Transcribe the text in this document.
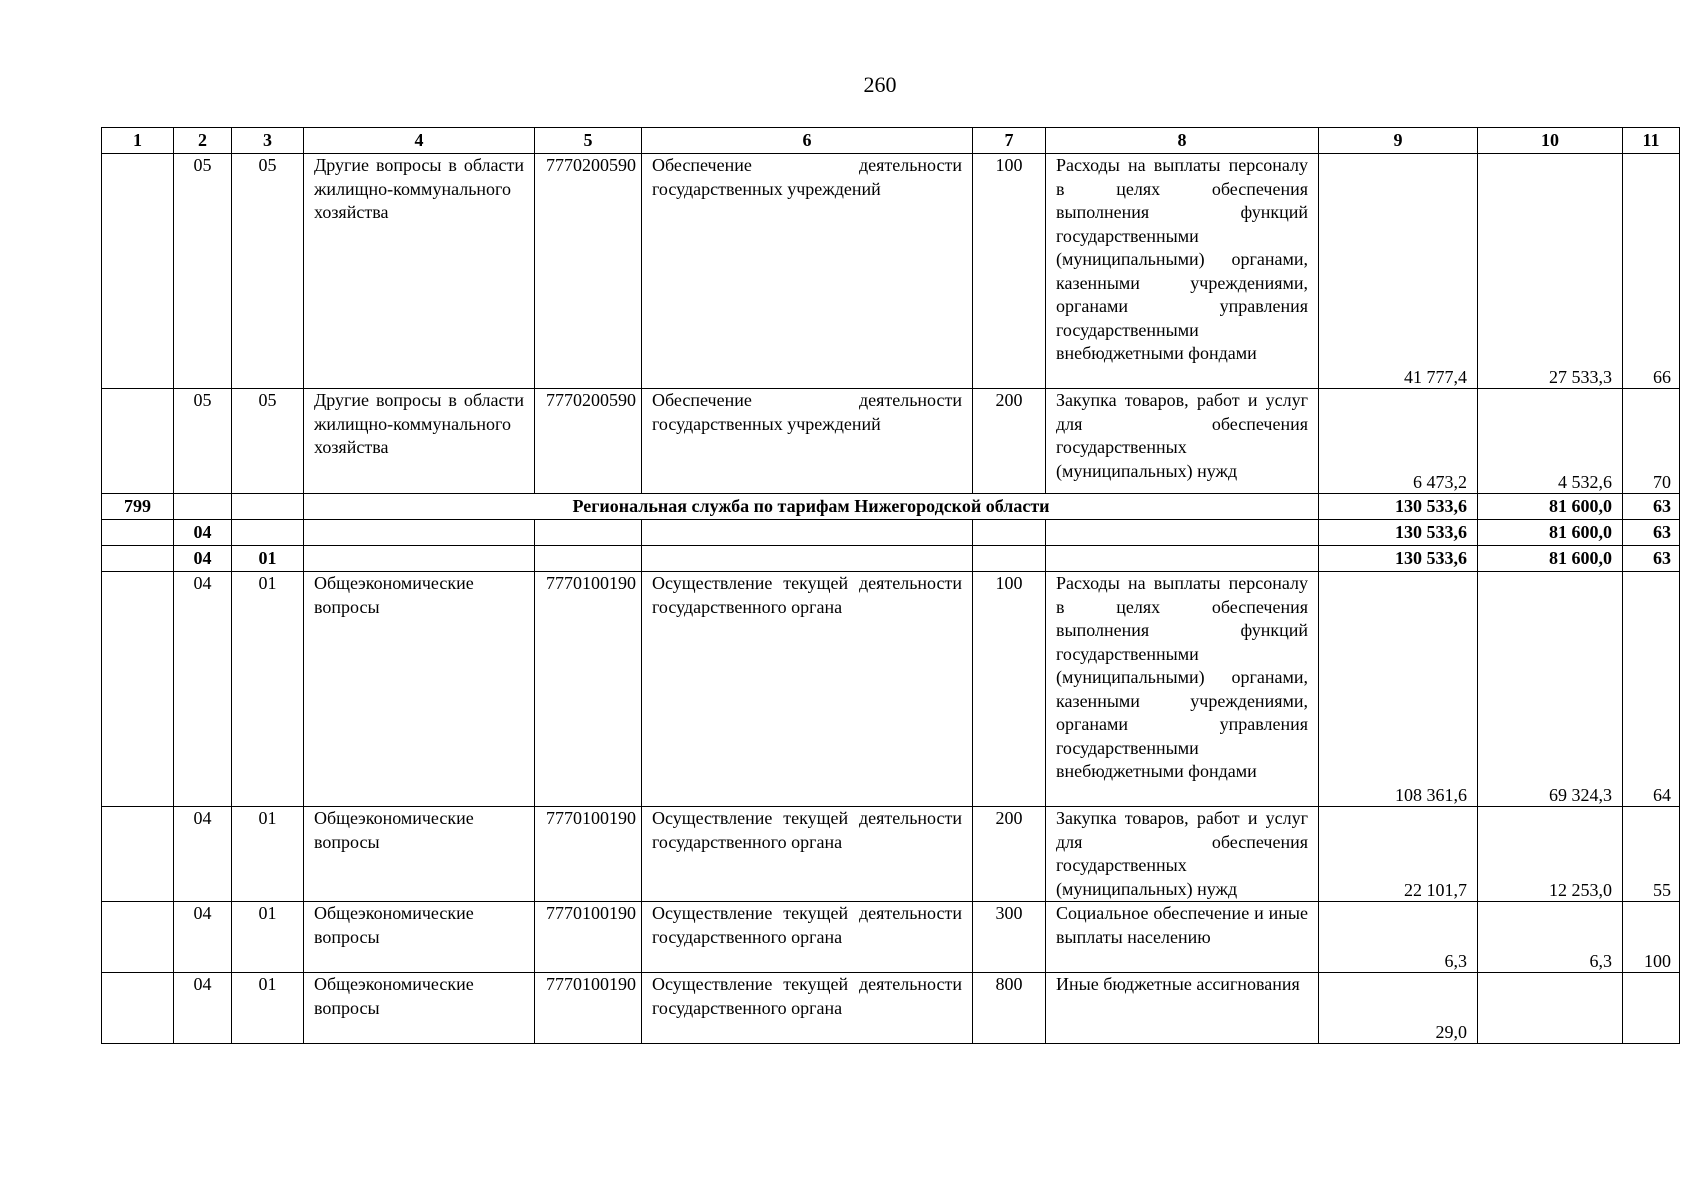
260
1	2	3	4	5	6	7	8	9	10	11
	05	05	Другие вопросы в области жилищно-коммунального хозяйства	7770200590	Обеспечение деятельности государственных учреждений	100	Расходы на выплаты персоналу в целях обеспечения выполнения функций государственными (муниципальными) органами, казенными учреждениями, органами управления государственными внебюджетными фондами	41 777,4	27 533,3	66
	05	05	Другие вопросы в области жилищно-коммунального хозяйства	7770200590	Обеспечение деятельности государственных учреждений	200	Закупка товаров, работ и услуг для обеспечения государственных (муниципальных) нужд	6 473,2	4 532,6	70
799			Региональная служба по тарифам Нижегородской области					130 533,6	81 600,0	63
	04							130 533,6	81 600,0	63
	04	01						130 533,6	81 600,0	63
	04	01	Общеэкономические вопросы	7770100190	Осуществление текущей деятельности государственного органа	100	Расходы на выплаты персоналу в целях обеспечения выполнения функций государственными (муниципальными) органами, казенными учреждениями, органами управления государственными внебюджетными фондами	108 361,6	69 324,3	64
	04	01	Общеэкономические вопросы	7770100190	Осуществление текущей деятельности государственного органа	200	Закупка товаров, работ и услуг для обеспечения государственных (муниципальных) нужд	22 101,7	12 253,0	55
	04	01	Общеэкономические вопросы	7770100190	Осуществление текущей деятельности государственного органа	300	Социальное обеспечение и иные выплаты населению	6,3	6,3	100
	04	01	Общеэкономические вопросы	7770100190	Осуществление текущей деятельности государственного органа	800	Иные бюджетные ассигнования	29,0		
